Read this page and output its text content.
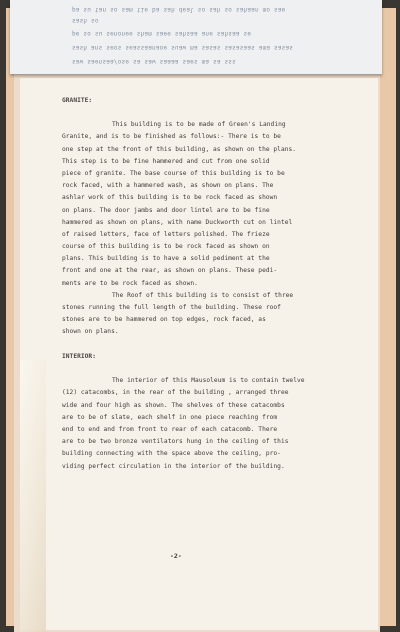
pa su tan so sam tie ba sah deal so sah so sahaan mo sae
sash so
pe so su senonee sham saee sahsaa ane sahsaa se
sash ans seos seassaanaoe suaw ma sasas sasasaas ama sasas
saw saensaa/ose sa saw saaaa saes ma sa sss
GRANITE:
This building is to be made of Green's Landing
Granite, and is to be finished as follows:- There is to be
one step at the front of this building, as shown on the plans.
This step is to be fine hammered and cut from one solid
piece of granite. The base course of this building is to be
rock faced, with a hammered wash, as shown on plans. The
ashlar work of this building is to be rock faced as shown
on plans. The door jambs and door lintel are to be fine
hammered as shown on plans, with name Duckworth cut on lintel
of raised letters, face of letters polished. The frieze
course of this building is to be rock faced as shown on
plans. This building is to have a solid pediment at the
front and one at the rear, as shown on plans. These pedi-
ments are to be rock faced as shown.
The Roof of this building is to consist of three
stones running the full length of the building. These roof
stones are to be hammered on top edges, rock faced, as
shown on plans.
INTERIOR:
The interior of this Mausoleum is to contain twelve
(12) catacombs, in the rear of the building , arranged three
wide and four high as shown. The shelves of these catacombs
are to be of slate, each shelf in one piece reaching from
end to end and from front to rear of each catacomb. There
are to be two bronze ventilators hung in the ceiling of this
building connecting with the space above the ceiling, pro-
viding perfect circulation in the interior of the building.
-2-
